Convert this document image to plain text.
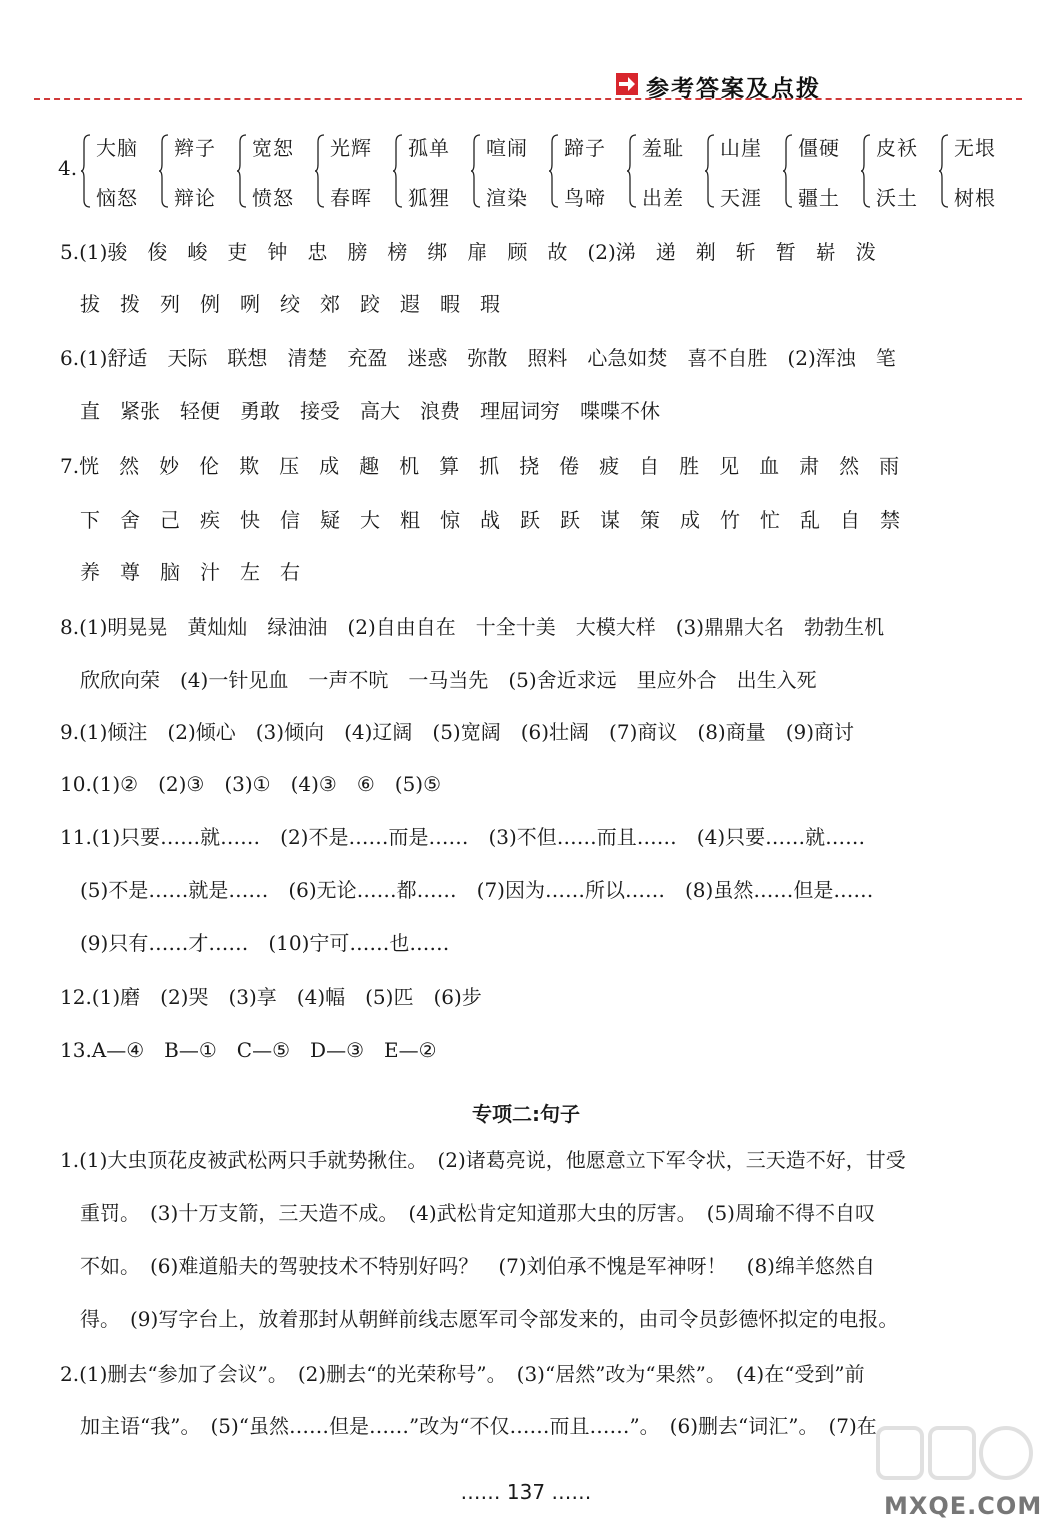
参考答案及点拨
4.
大脑
恼怒
辫子
辩论
宽恕
愤怒
光辉
春晖
孤单
狐狸
喧闹
渲染
蹄子
鸟啼
羞耻
出差
山崖
天涯
僵硬
疆土
皮袄
沃土
无垠
树根
5.(1)骏　俊　峻　吏　钟　忠　膀　榜　绑　扉　顾　故　(2)涕　递　剃　斩　暂　崭　泼
拔　拨　列　例　咧　绞　郊　跤　遐　暇　瑕
6.(1)舒适　天际　联想　清楚　充盈　迷惑　弥散　照料　心急如焚　喜不自胜　(2)浑浊　笔
直　紧张　轻便　勇敢　接受　高大　浪费　理屈词穷　喋喋不休
7.恍　然　妙　伦　欺　压　成　趣　机　算　抓　挠　倦　疲　自　胜　见　血　肃　然　雨
下　舍　己　疾　快　信　疑　大　粗　惊　战　跃　跃　谋　策　成　竹　忙　乱　自　禁
养　尊　脑　汁　左　右
8.(1)明晃晃　黄灿灿　绿油油　(2)自由自在　十全十美　大模大样　(3)鼎鼎大名　勃勃生机
欣欣向荣　(4)一针见血　一声不吭　一马当先　(5)舍近求远　里应外合　出生入死
9.(1)倾注　(2)倾心　(3)倾向　(4)辽阔　(5)宽阔　(6)壮阔　(7)商议　(8)商量　(9)商讨
10.(1)②　(2)③　(3)①　(4)③　⑥　(5)⑤
11.(1)只要……就……　(2)不是……而是……　(3)不但……而且……　(4)只要……就……
(5)不是……就是……　(6)无论……都……　(7)因为……所以……　(8)虽然……但是……
(9)只有……才……　(10)宁可……也……
12.(1)磨　(2)哭　(3)享　(4)幅　(5)匹　(6)步
13.A—④　B—①　C—⑤　D—③　E—②
专项二:句子
1.(1)大虫顶花皮被武松两只手就势揪住。　(2)诸葛亮说，他愿意立下军令状，三天造不好，甘受
重罚。　(3)十万支箭，三天造不成。　(4)武松肯定知道那大虫的厉害。　(5)周瑜不得不自叹
不如。　(6)难道船夫的驾驶技术不特别好吗？　(7)刘伯承不愧是军神呀！　(8)绵羊悠然自
得。　(9)写字台上，放着那封从朝鲜前线志愿军司令部发来的，由司令员彭德怀拟定的电报。
2.(1)删去“参加了会议”。　(2)删去“的光荣称号”。　(3)“居然”改为“果然”。　(4)在“受到”前
加主语“我”。　(5)“虽然……但是……”改为“不仅……而且……”。　(6)删去“词汇”。　(7)在
…… 137 ……	MXQE.COM
